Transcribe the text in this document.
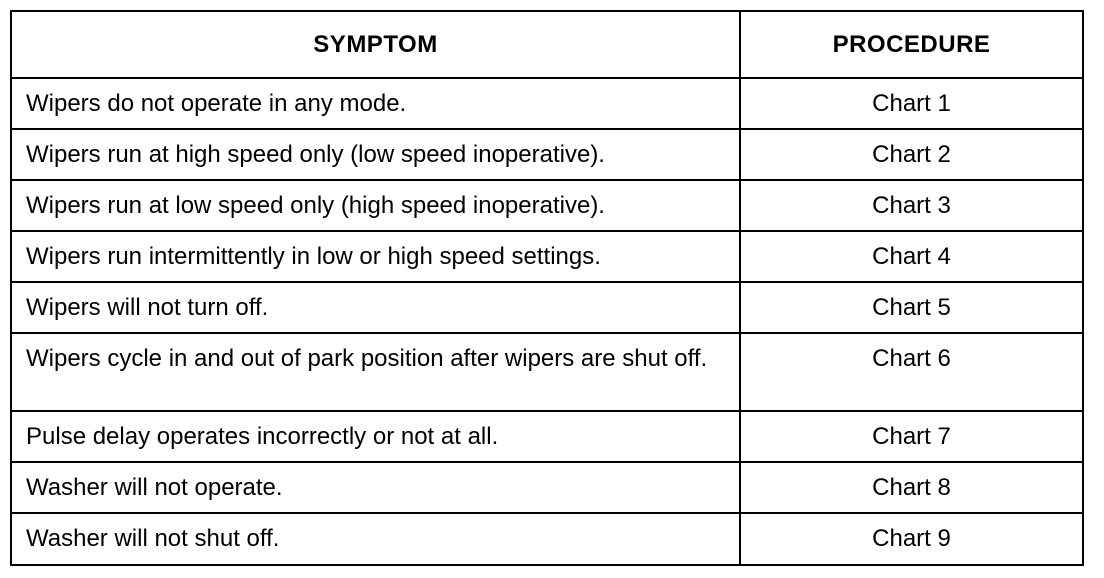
SYMPTOM	PROCEDURE
Wipers do not operate in any mode.	Chart 1
Wipers run at high speed only (low speed inoperative).	Chart 2
Wipers run at low speed only (high speed inoperative).	Chart 3
Wipers run intermittently in low or high speed settings.	Chart 4
Wipers will not turn off.	Chart 5
Wipers cycle in and out of park position after wipers are shut off.	Chart 6
Pulse delay operates incorrectly or not at all.	Chart 7
Washer will not operate.	Chart 8
Washer will not shut off.	Chart 9
